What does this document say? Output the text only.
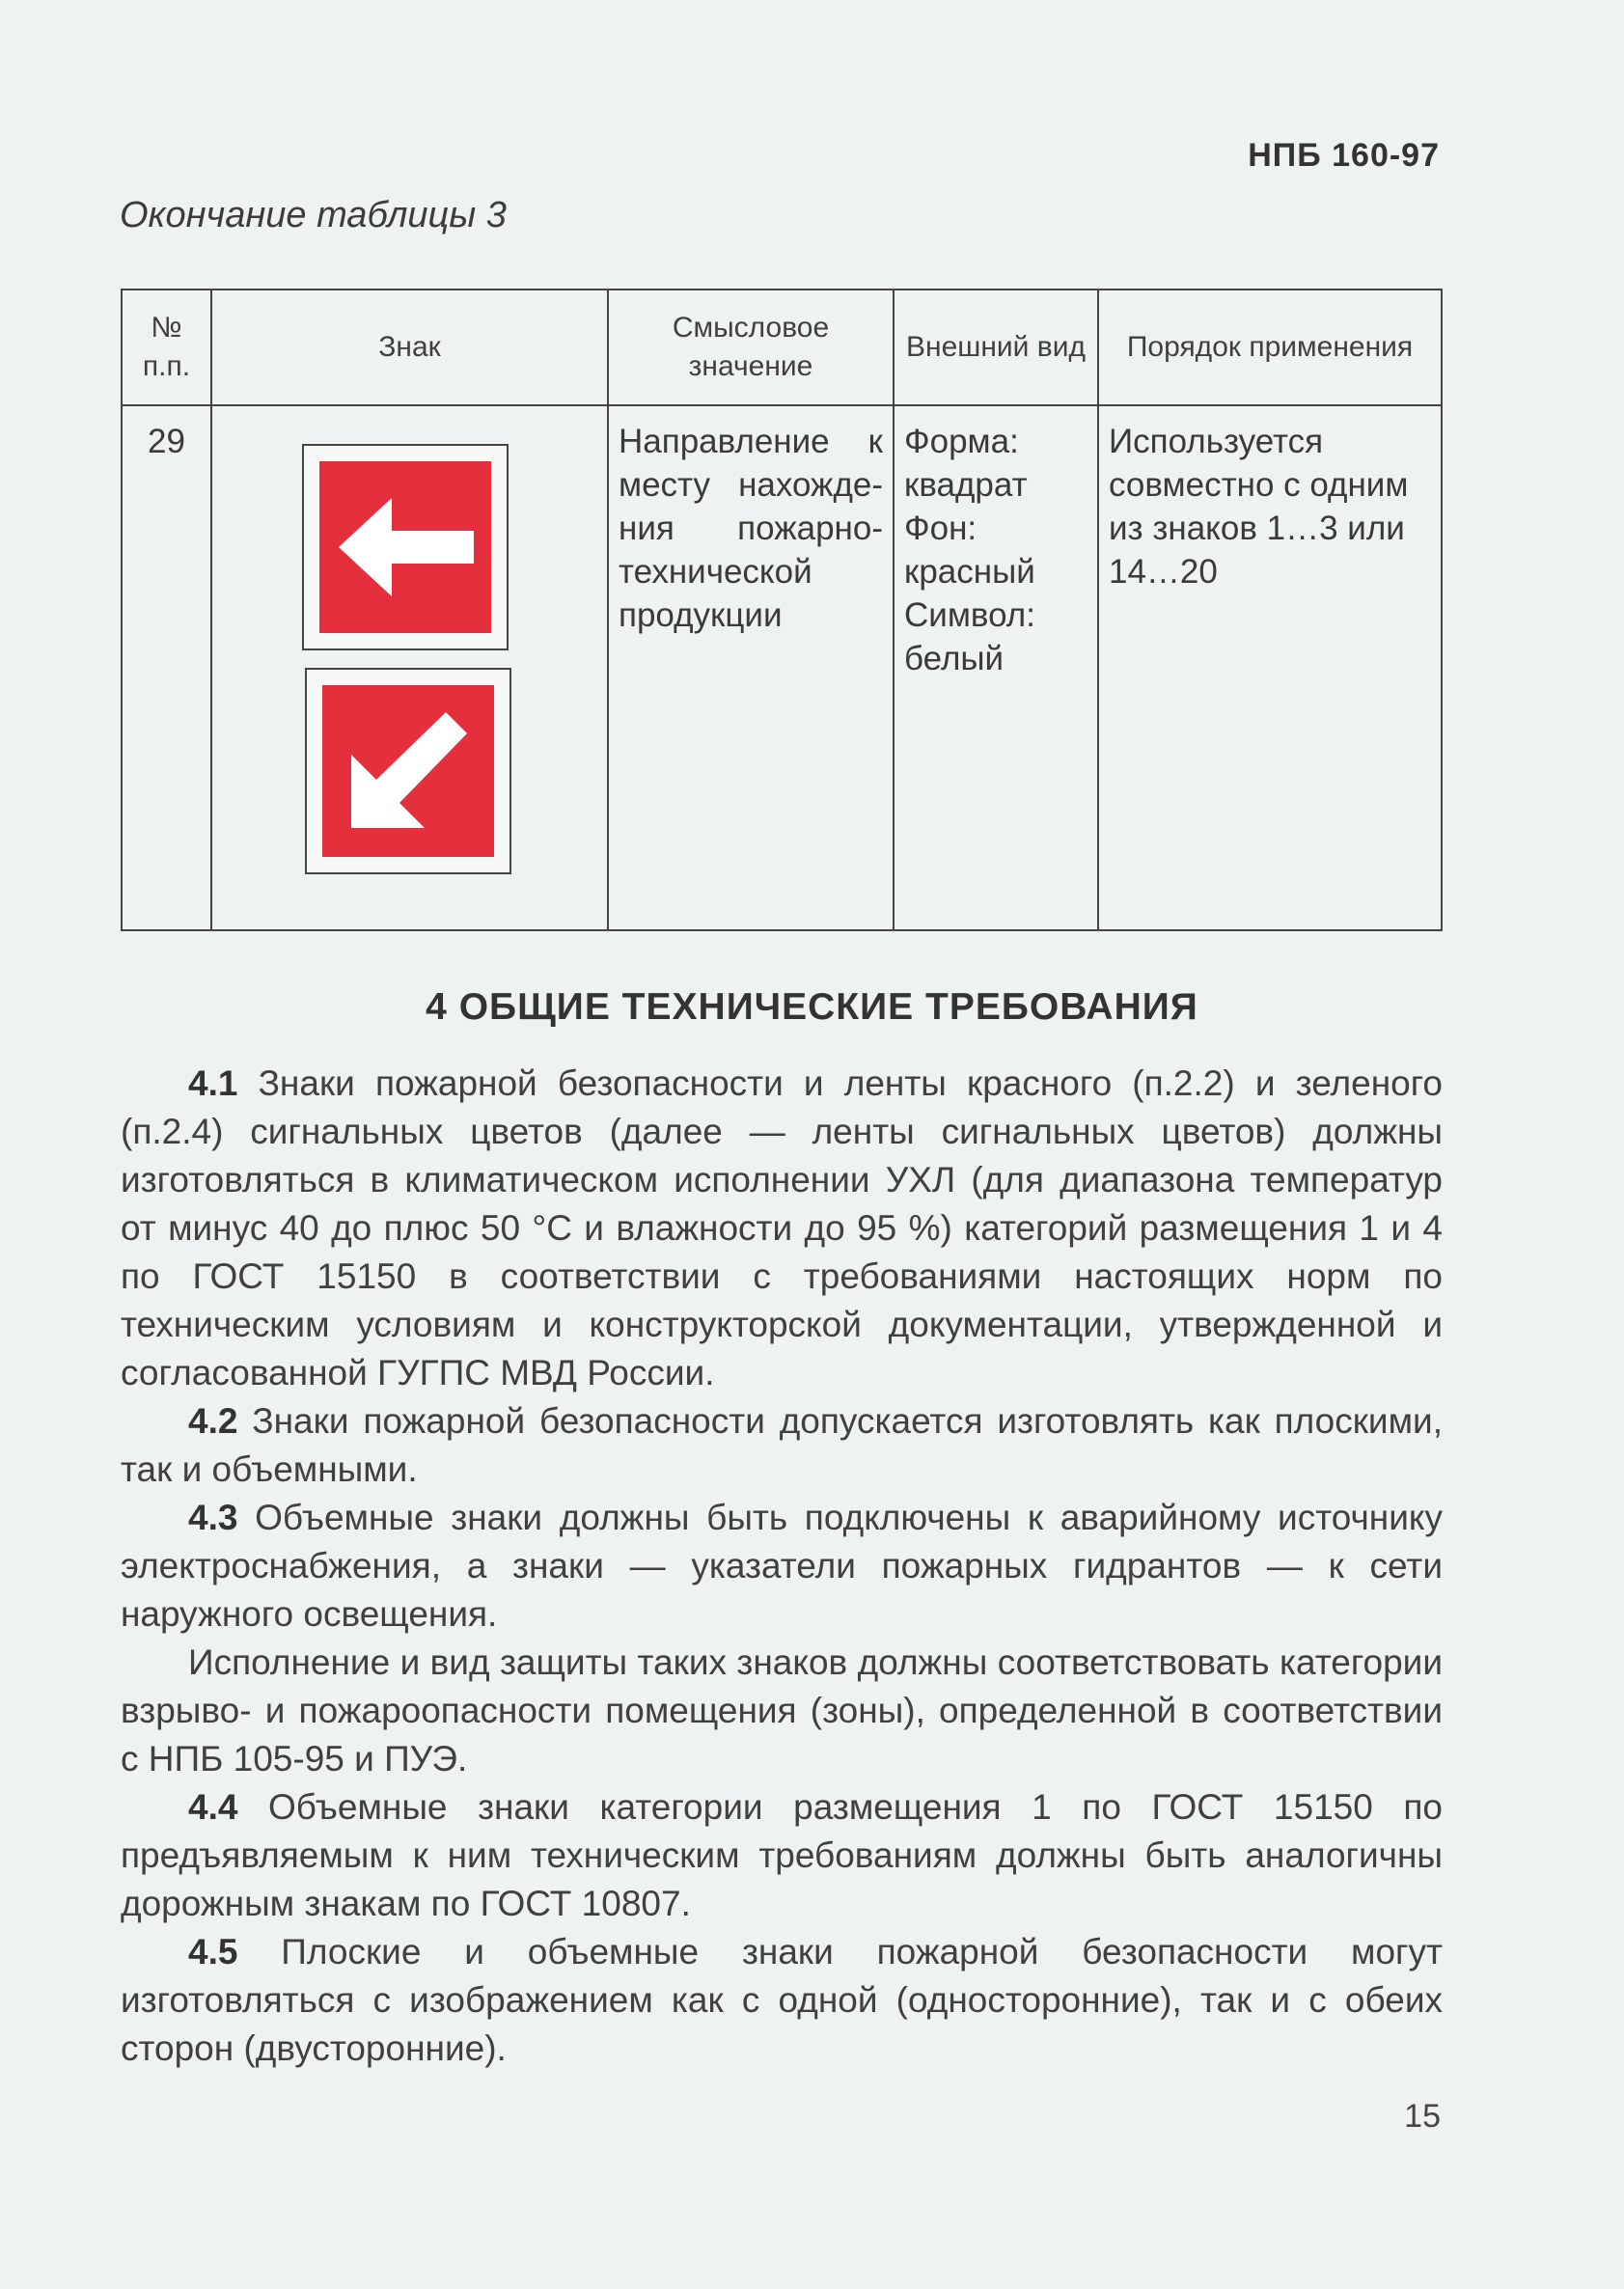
НПБ 160-97
Окончание таблицы 3
№ п.п.	Знак	Смысловое значение	Внешний вид	Порядок применения
29		Направление к месту нахожде-ния пожарно-технической продукции	Форма: квадрат Фон: красный Символ: белый	Используется совместно с одним из знаков 1…3 или 14…20
4 ОБЩИЕ ТЕХНИЧЕСКИЕ ТРЕБОВАНИЯ

4.1 Знаки пожарной безопасности и ленты красного (п.2.2) и зеленого (п.2.4) сигнальных цветов (далее — ленты сигнальных цветов) должны изготовляться в климатическом исполнении УХЛ (для диапазона температур от минус 40 до плюс 50 °С и влажности до 95 %) категорий размещения 1 и 4 по ГОСТ 15150 в соответствии с требованиями настоящих норм по техническим условиям и конструкторской документации, утвержденной и согласованной ГУГПС МВД России.

4.2 Знаки пожарной безопасности допускается изготовлять как плоскими, так и объемными.

4.3 Объемные знаки должны быть подключены к аварийному источнику электроснабжения, а знаки — указатели пожарных гидрантов — к сети наружного освещения.

Исполнение и вид защиты таких знаков должны соответствовать категории взрыво- и пожароопасности помещения (зоны), определенной в соответствии с НПБ 105-95 и ПУЭ.

4.4 Объемные знаки категории размещения 1 по ГОСТ 15150 по предъявляемым к ним техническим требованиям должны быть аналогичны дорожным знакам по ГОСТ 10807.

4.5 Плоские и объемные знаки пожарной безопасности могут изготовляться с изображением как с одной (односторонние), так и с обеих сторон (двусторонние).

15
